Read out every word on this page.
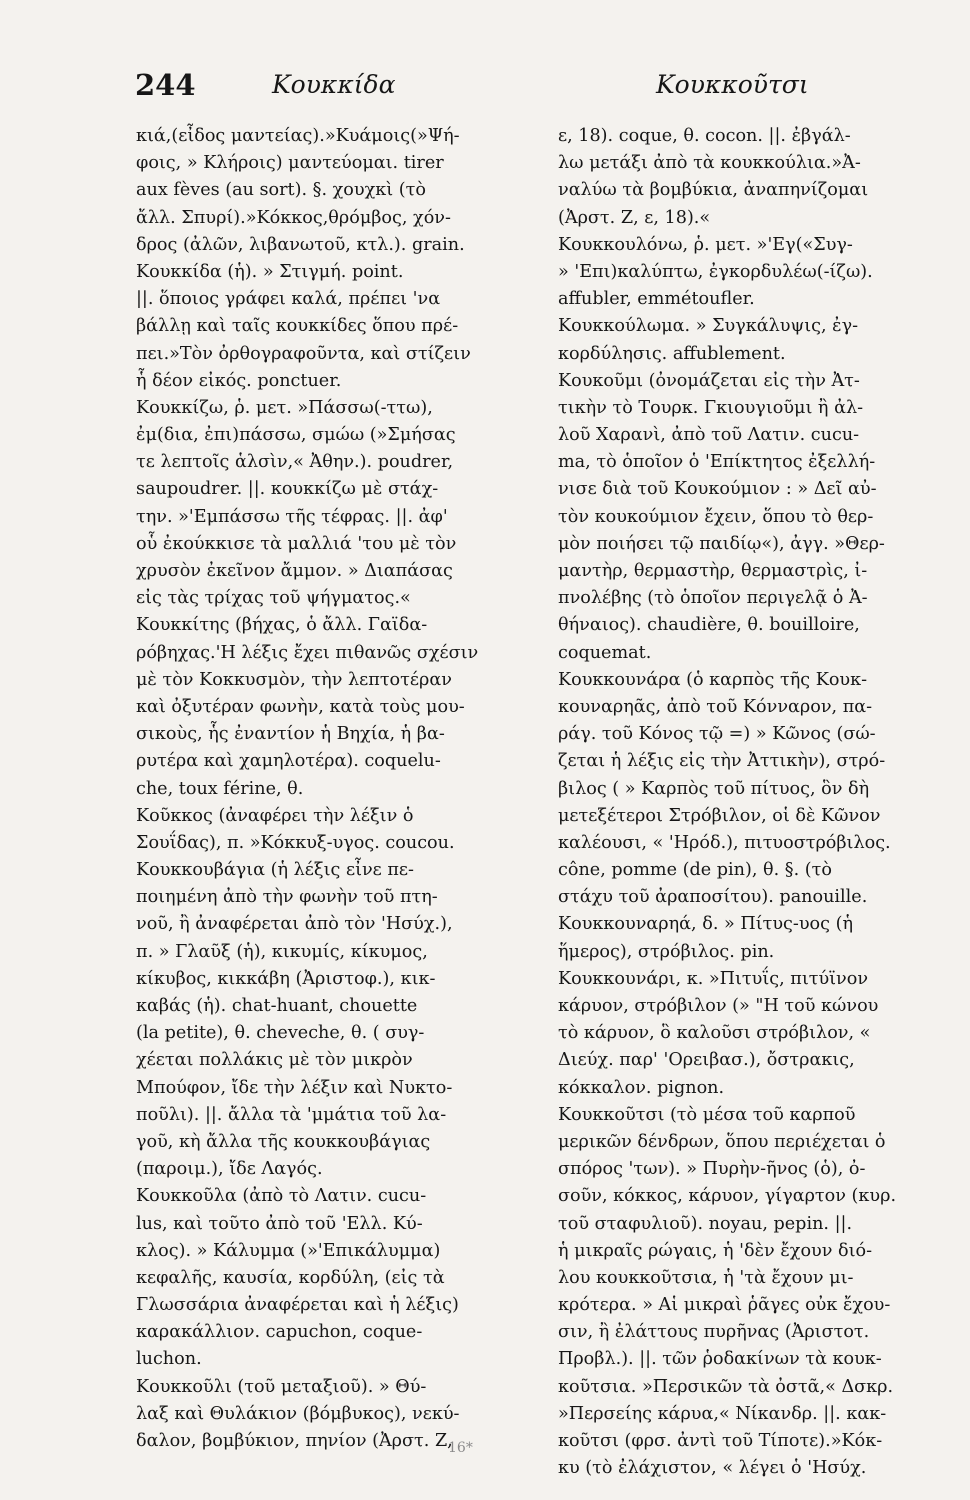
244	Κουκκίδα	Κουκκοῦτσι
κιά,(εἶδος μαντείας).»Κυάμοις(»Ψή-
φοις, » Κλήροις) μαντεύομαι. tirer
aux fèves (au sort). §. χουχκὶ (τὸ
ἄλλ. Σπυρί).»Κόκκος,θρόμβος, χόν-
δρος (ἀλῶν, λιβανωτοῦ, κτλ.). grain.
Κουκκίδα (ἡ). » Στιγμή. point.
||. ὅποιος γράφει καλά, πρέπει 'να
βάλλῃ καὶ ταῖς κουκκίδες ὅπου πρέ-
πει.»Τὸν ὀρθογραφοῦντα, καὶ στίζειν
ἧ δέον εἰκός. ponctuer.
Κουκκίζω, ῥ. μετ. »Πάσσω(-ττω),
ἐμ(δια, ἐπι)πάσσω, σμώω (»Σμήσας
τε λεπτοῖς ἁλσὶν,« Ἀθην.). poudrer,
saupoudrer. ||. κουκκίζω μὲ στάχ-
την. »'Εμπάσσω τῆς τέφρας. ||. ἀφ'
οὗ ἐκούκκισε τὰ μαλλιά 'του μὲ τὸν
χρυσὸν ἐκεῖνον ἄμμον. » Διαπάσας
εἰς τὰς τρίχας τοῦ ψήγματος.«
Κουκκίτης (βήχας, ὁ ἄλλ. Γαϊδα-
ρόβηχας.'Η λέξις ἔχει πιθανῶς σχέσιν
μὲ τὸν Κοκκυσμὸν, τὴν λεπτοτέραν
καὶ ὀξυτέραν φωνὴν, κατὰ τοὺς μου-
σικοὺς, ἧς ἐναντίον ἡ Βηχία, ἡ βα-
ρυτέρα καὶ χαμηλοτέρα). coquelu-
che, toux férine, θ.
Κοῦκκος (ἀναφέρει τὴν λέξιν ὁ
Σουΐδας), π. »Κόκκυξ-υγος. coucou.
Κουκκουβάγια (ἡ λέξις εἶνε πε-
ποιημένη ἀπὸ τὴν φωνὴν τοῦ πτη-
νοῦ, ἢ ἀναφέρεται ἀπὸ τὸν 'Ησύχ.),
π. » Γλαῦξ (ἡ), κικυμίς, κίκυμος,
κίκυβος, κικκάβη (Ἀριστοφ.), κικ-
καβάς (ἡ). chat-huant, chouette
(la petite), θ. cheveche, θ. ( συγ-
χέεται πολλάκις μὲ τὸν μικρὸν
Μπούφον, ἴδε τὴν λέξιν καὶ Νυκτο-
ποῦλι). ||. ἄλλα τὰ 'μμάτια τοῦ λα-
γοῦ, κὴ ἄλλα τῆς κουκκουβάγιας
(παροιμ.), ἴδε Λαγός.
Κουκκοῦλα (ἀπὸ τὸ Λατιν. cucu-
lus, καὶ τοῦτο ἀπὸ τοῦ 'Ελλ. Κύ-
κλος). » Κάλυμμα (»'Επικάλυμμα)
κεφαλῆς, καυσία, κορδύλη, (εἰς τὰ
Γλωσσάρια ἀναφέρεται καὶ ἡ λέξις)
καρακάλλιον. capuchon, coque-
luchon.
Κουκκοῦλι (τοῦ μεταξιοῦ). » Θύ-
λαξ καὶ Θυλάκιον (βόμβυκος), νεκύ-
δαλον, βομβύκιον, πηνίον (Ἀρστ. Ζ,
ε, 18). coque, θ. cocon. ||. ἐβγάλ-
λω μετάξι ἀπὸ τὰ κουκκούλια.»Ἀ-
ναλύω τὰ βομβύκια, ἀναπηνίζομαι
(Ἀρστ. Ζ, ε, 18).«
Κουκκουλόνω, ῥ. μετ. »'Εγ(«Συγ-
» 'Επι)καλύπτω, ἐγκορδυλέω(-ίζω).
affubler, emmétoufler.
Κουκκούλωμα. » Συγκάλυψις, ἐγ-
κορδύλησις. affublement.
Κουκοῦμι (ὀνομάζεται εἰς τὴν Ἀτ-
τικὴν τὸ Τουρκ. Γκιουγιοῦμι ἢ ἀλ-
λοῦ Χαρανὶ, ἀπὸ τοῦ Λατιν. cucu-
ma, τὸ ὁποῖον ὁ 'Επίκτητος ἐξελλή-
νισε διὰ τοῦ Κουκούμιον : » Δεῖ αὐ-
τὸν κουκούμιον ἔχειν, ὅπου τὸ θερ-
μὸν ποιήσει τῷ παιδίῳ«), ἀγγ. »Θερ-
μαντὴρ, θερμαστὴρ, θερμαστρὶς, ἰ-
πνολέβης (τὸ ὁποῖον περιγελᾷ ὁ Ἀ-
θήναιος). chaudière, θ. bouilloire,
coquemat.
Κουκκουνάρα (ὁ καρπὸς τῆς Κουκ-
κουναρηᾶς, ἀπὸ τοῦ Κόνναρον, πα-
ράγ. τοῦ Κόνος τῷ =) » Κῶνος (σώ-
ζεται ἡ λέξις εἰς τὴν Ἀττικὴν), στρό-
βιλος ( » Καρπὸς τοῦ πίτυος, ὃν δὴ
μετεξέτεροι Στρόβιλον, οἱ δὲ Κῶνον
καλέουσι, « 'Ηρόδ.), πιτυοστρόβιλος.
cône, pomme (de pin), θ. §. (τὸ
στάχυ τοῦ ἀραποσίτου). panouille.
Κουκκουναρηά, δ. » Πίτυς-υος (ἡ
ἥμερος), στρόβιλος. pin.
Κουκκουνάρι, κ. »Πιτυΐς, πιτύϊνον
κάρυον, στρόβιλον (» "Η τοῦ κώνου
τὸ κάρυον, ὃ καλοῦσι στρόβιλον, «
Διεύχ. παρ' 'Ορειβασ.), ὄστρακις,
κόκκαλον. pignon.
Κουκκοῦτσι (τὸ μέσα τοῦ καρποῦ
μερικῶν δένδρων, ὅπου περιέχεται ὁ
σπόρος 'των). » Πυρὴν-ῆνος (ὁ), ὀ-
σοῦν, κόκκος, κάρυον, γίγαρτον (κυρ.
τοῦ σταφυλιοῦ). noyau, pepin. ||.
ἡ μικραῖς ρώγαις, ἡ 'δὲν ἔχουν διό-
λου κουκκοῦτσια, ἡ 'τὰ ἔχουν μι-
κρότερα. » Αἱ μικραὶ ῥᾶγες οὐκ ἔχου-
σιν, ἢ ἐλάττους πυρῆνας (Ἀριστοτ.
Προβλ.). ||. τῶν ῥοδακίνων τὰ κουκ-
κοῦτσια. »Περσικῶν τὰ ὀστᾶ,« Δσκρ.
»Περσείης κάρυα,« Νίκανδρ. ||. κακ-
κοῦτσι (φρσ. ἀντὶ τοῦ Τίποτε).»Κόκ-
κυ (τὸ ἐλάχιστον, « λέγει ὁ 'Ησύχ.
16*
